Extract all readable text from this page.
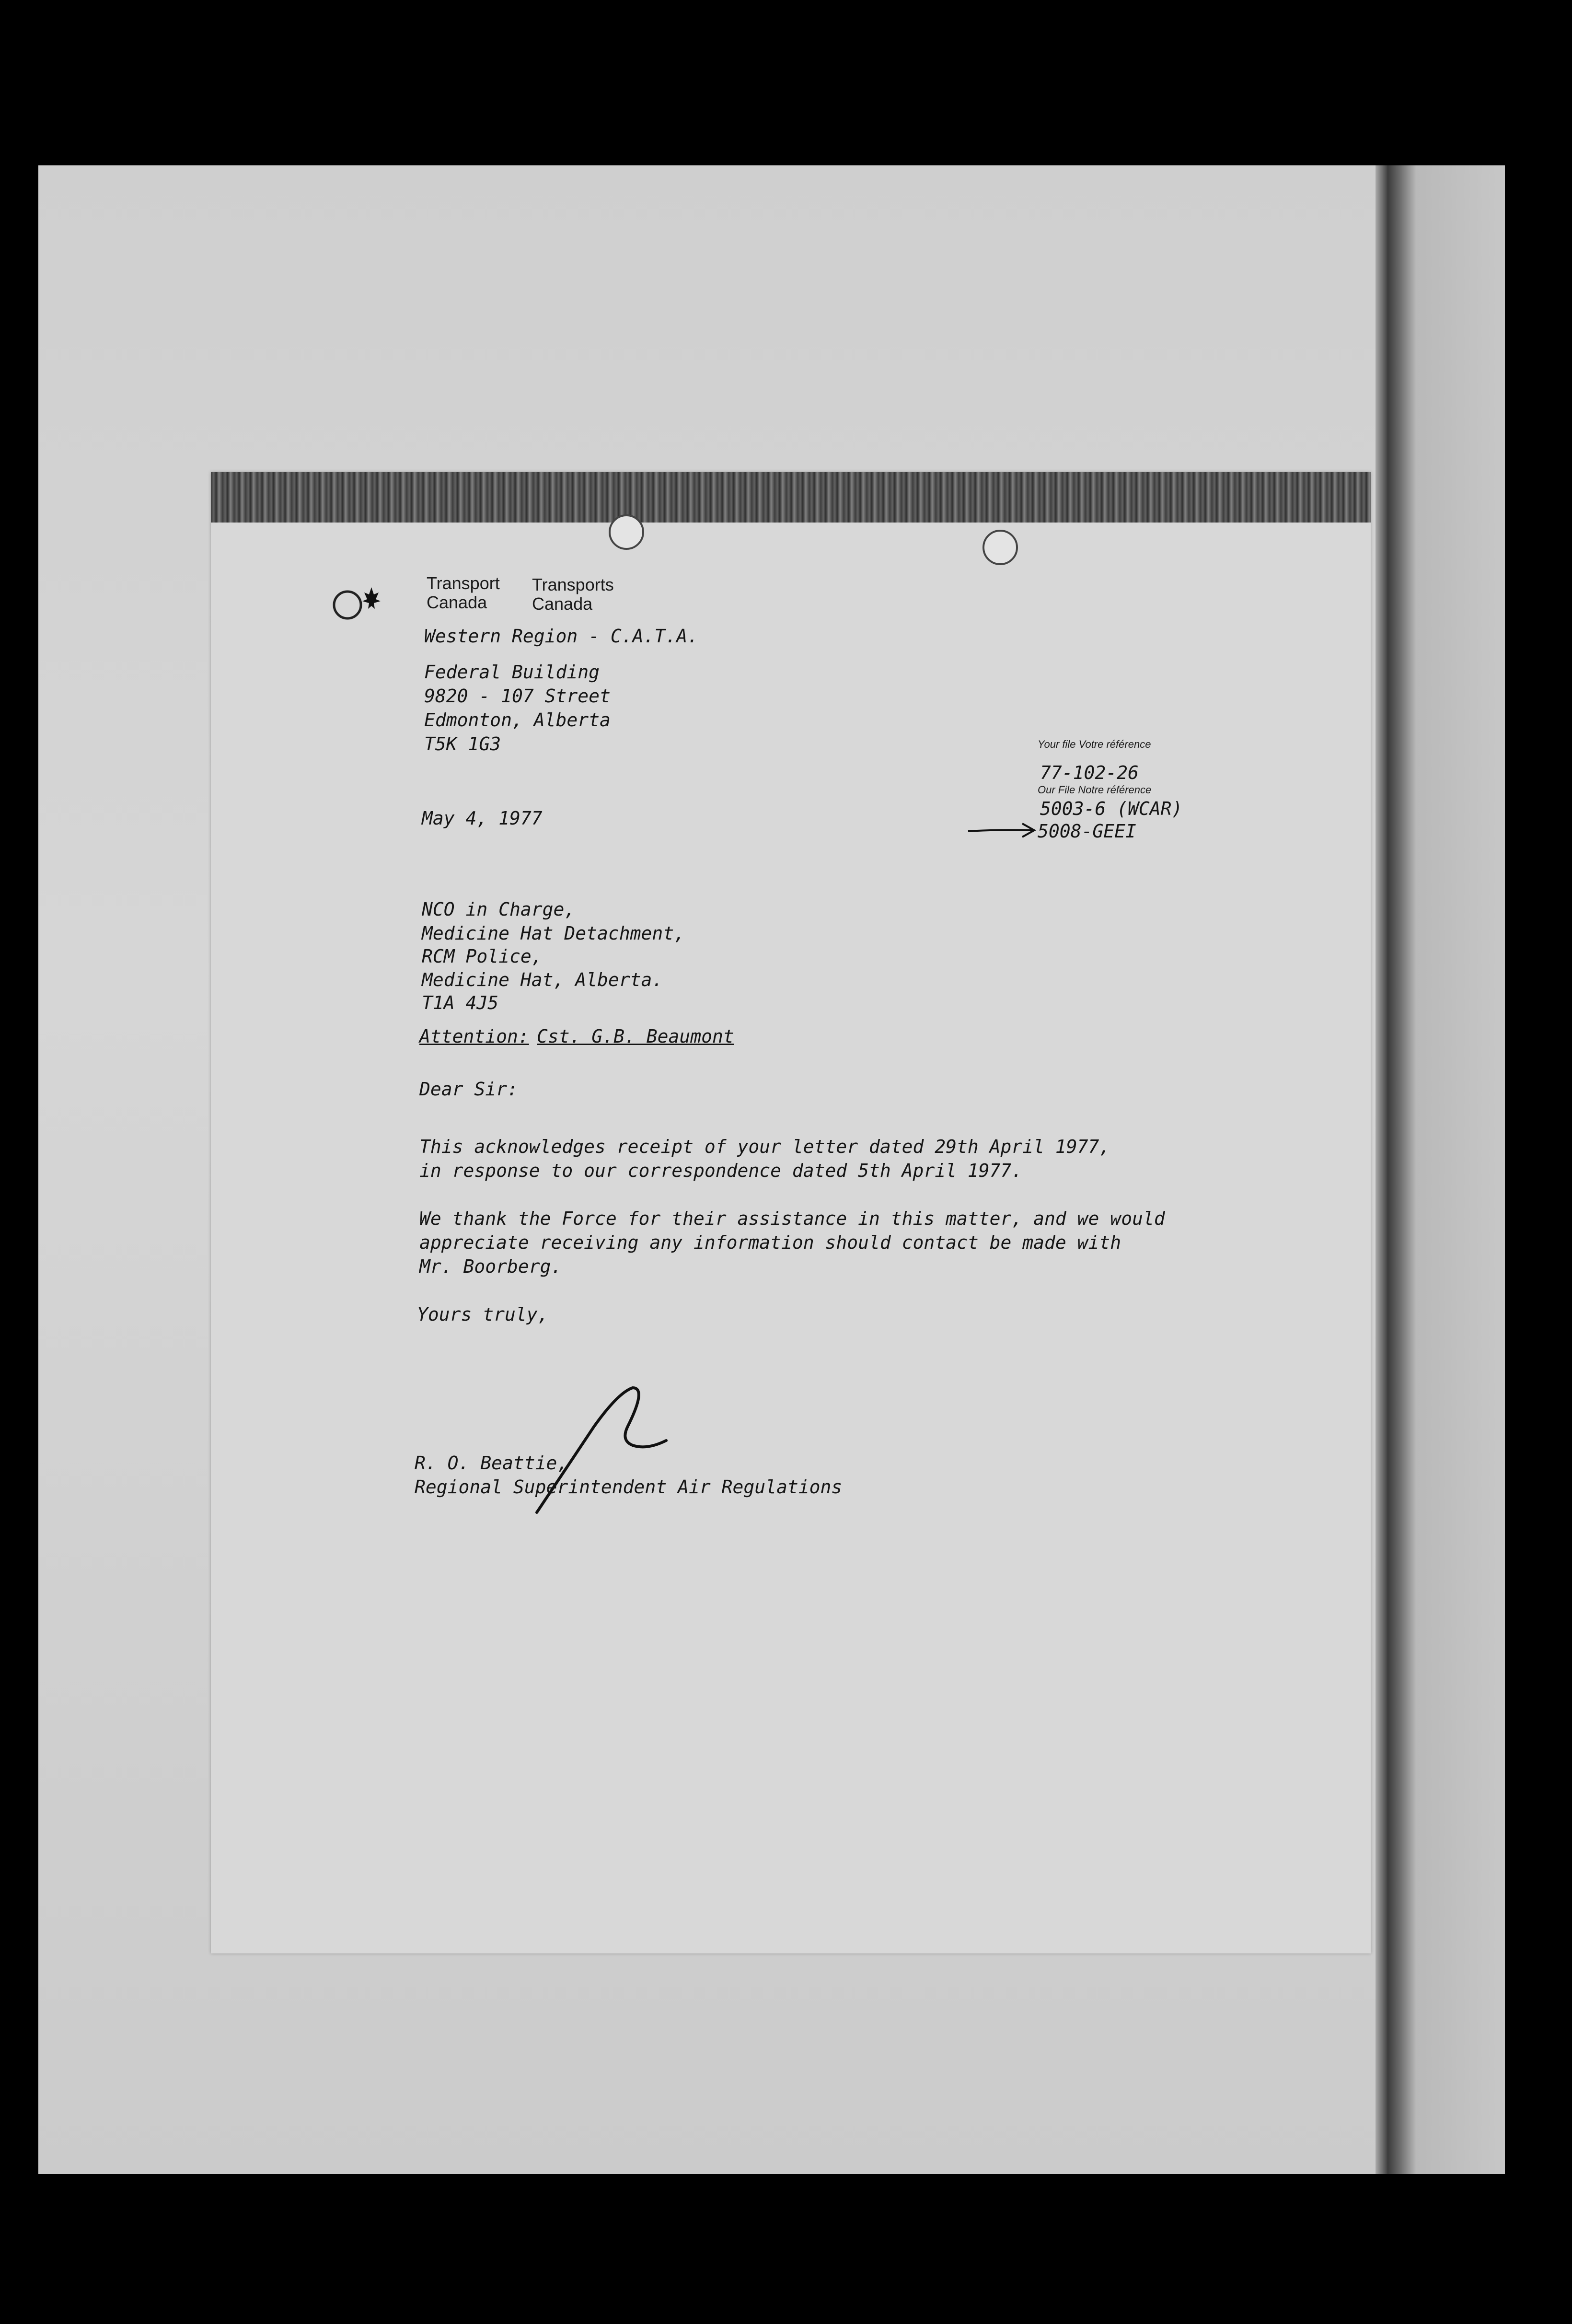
Transport
Canada
Transports
Canada
Western Region - C.A.T.A.
Federal Building
9820 - 107 Street
Edmonton, Alberta
T5K 1G3	Your file Votre référence
77-102-26
Our File Notre référence
5003-6 (WCAR)
5008-GEEI
May 4, 1977
NCO in Charge,
Medicine Hat Detachment,
RCM Police,
Medicine Hat, Alberta.
T1A 4J5
Attention: Cst. G.B. Beaumont
Dear Sir:
This acknowledges receipt of your letter dated 29th April 1977,
in response to our correspondence dated 5th April 1977.
We thank the Force for their assistance in this matter, and we would
appreciate receiving any information should contact be made with
Mr. Boorberg.
Yours truly,
R. O. Beattie,
Regional Superintendent Air Regulations
